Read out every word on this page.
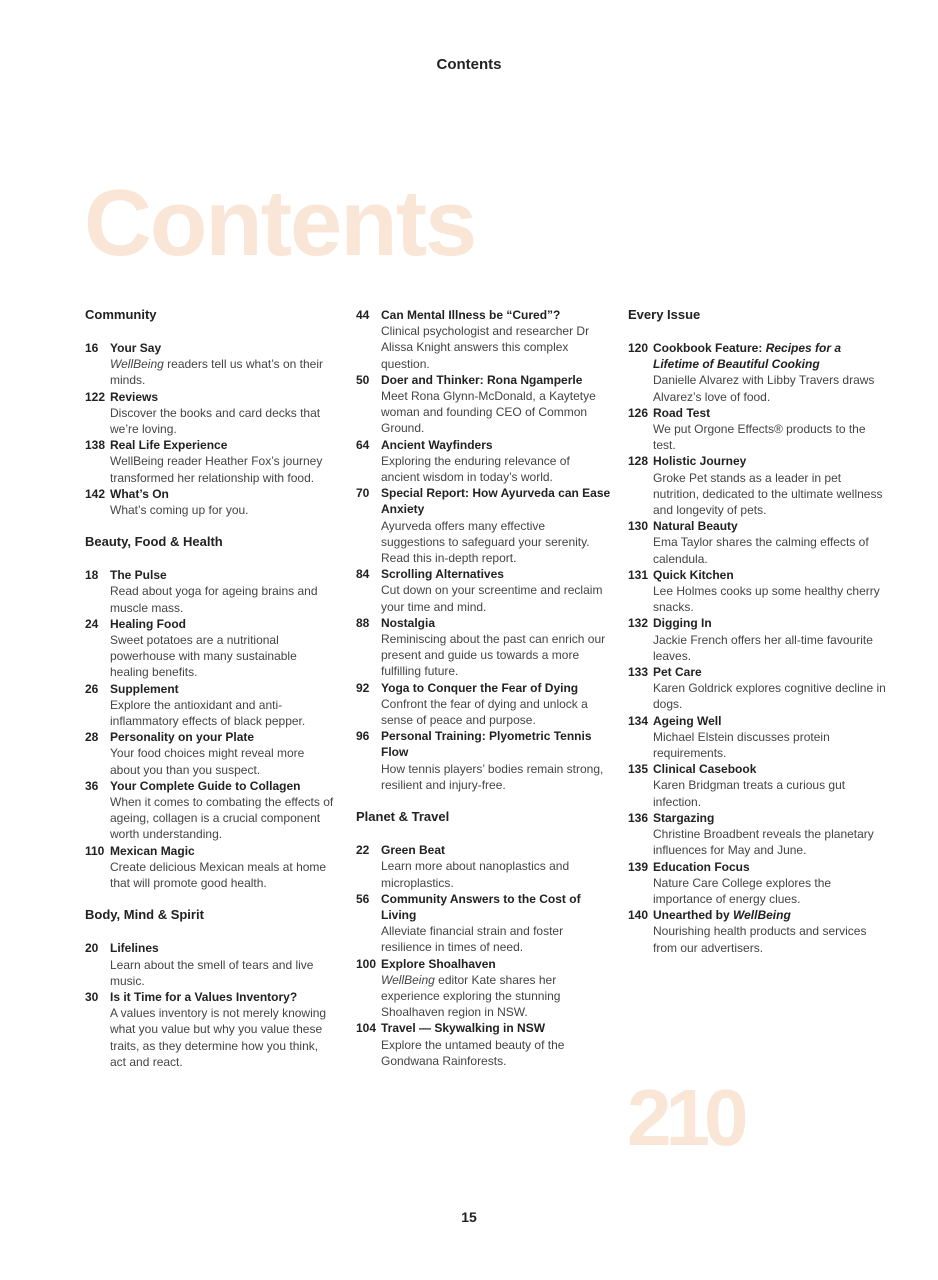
Contents
Contents
Community
16 Your Say
WellBeing readers tell us what’s on their minds.
122 Reviews
Discover the books and card decks that we’re loving.
138 Real Life Experience
WellBeing reader Heather Fox’s journey transformed her relationship with food.
142 What’s On
What’s coming up for you.
Beauty, Food & Health
18 The Pulse
Read about yoga for ageing brains and muscle mass.
24 Healing Food
Sweet potatoes are a nutritional powerhouse with many sustainable healing benefits.
26 Supplement
Explore the antioxidant and anti-inflammatory effects of black pepper.
28 Personality on your Plate
Your food choices might reveal more about you than you suspect.
36 Your Complete Guide to Collagen
When it comes to combating the effects of ageing, collagen is a crucial component worth understanding.
110 Mexican Magic
Create delicious Mexican meals at home that will promote good health.
Body, Mind & Spirit
20 Lifelines
Learn about the smell of tears and live music.
30 Is it Time for a Values Inventory?
A values inventory is not merely knowing what you value but why you value these traits, as they determine how you think, act and react.
44 Can Mental Illness be “Cured”?
Clinical psychologist and researcher Dr Alissa Knight answers this complex question.
50 Doer and Thinker: Rona Ngamperle
Meet Rona Glynn-McDonald, a Kaytetye woman and founding CEO of Common Ground.
64 Ancient Wayfinders
Exploring the enduring relevance of ancient wisdom in today’s world.
70 Special Report: How Ayurveda can Ease Anxiety
Ayurveda offers many effective suggestions to safeguard your serenity. Read this in-depth report.
84 Scrolling Alternatives
Cut down on your screentime and reclaim your time and mind.
88 Nostalgia
Reminiscing about the past can enrich our present and guide us towards a more fulfilling future.
92 Yoga to Conquer the Fear of Dying
Confront the fear of dying and unlock a sense of peace and purpose.
96 Personal Training: Plyometric Tennis Flow
How tennis players’ bodies remain strong, resilient and injury-free.
Planet & Travel
22 Green Beat
Learn more about nanoplastics and microplastics.
56 Community Answers to the Cost of Living
Alleviate financial strain and foster resilience in times of need.
100 Explore Shoalhaven
WellBeing editor Kate shares her experience exploring the stunning Shoalhaven region in NSW.
104 Travel — Skywalking in NSW
Explore the untamed beauty of the Gondwana Rainforests.
Every Issue
120 Cookbook Feature: Recipes for a Lifetime of Beautiful Cooking
Danielle Alvarez with Libby Travers draws Alvarez’s love of food.
126 Road Test
We put Orgone Effects® products to the test.
128 Holistic Journey
Groke Pet stands as a leader in pet nutrition, dedicated to the ultimate wellness and longevity of pets.
130 Natural Beauty
Ema Taylor shares the calming effects of calendula.
131 Quick Kitchen
Lee Holmes cooks up some healthy cherry snacks.
132 Digging In
Jackie French offers her all-time favourite leaves.
133 Pet Care
Karen Goldrick explores cognitive decline in dogs.
134 Ageing Well
Michael Elstein discusses protein requirements.
135 Clinical Casebook
Karen Bridgman treats a curious gut infection.
136 Stargazing
Christine Broadbent reveals the planetary influences for May and June.
139 Education Focus
Nature Care College explores the importance of energy clues.
140 Unearthed by WellBeing
Nourishing health products and services from our advertisers.
210
15
